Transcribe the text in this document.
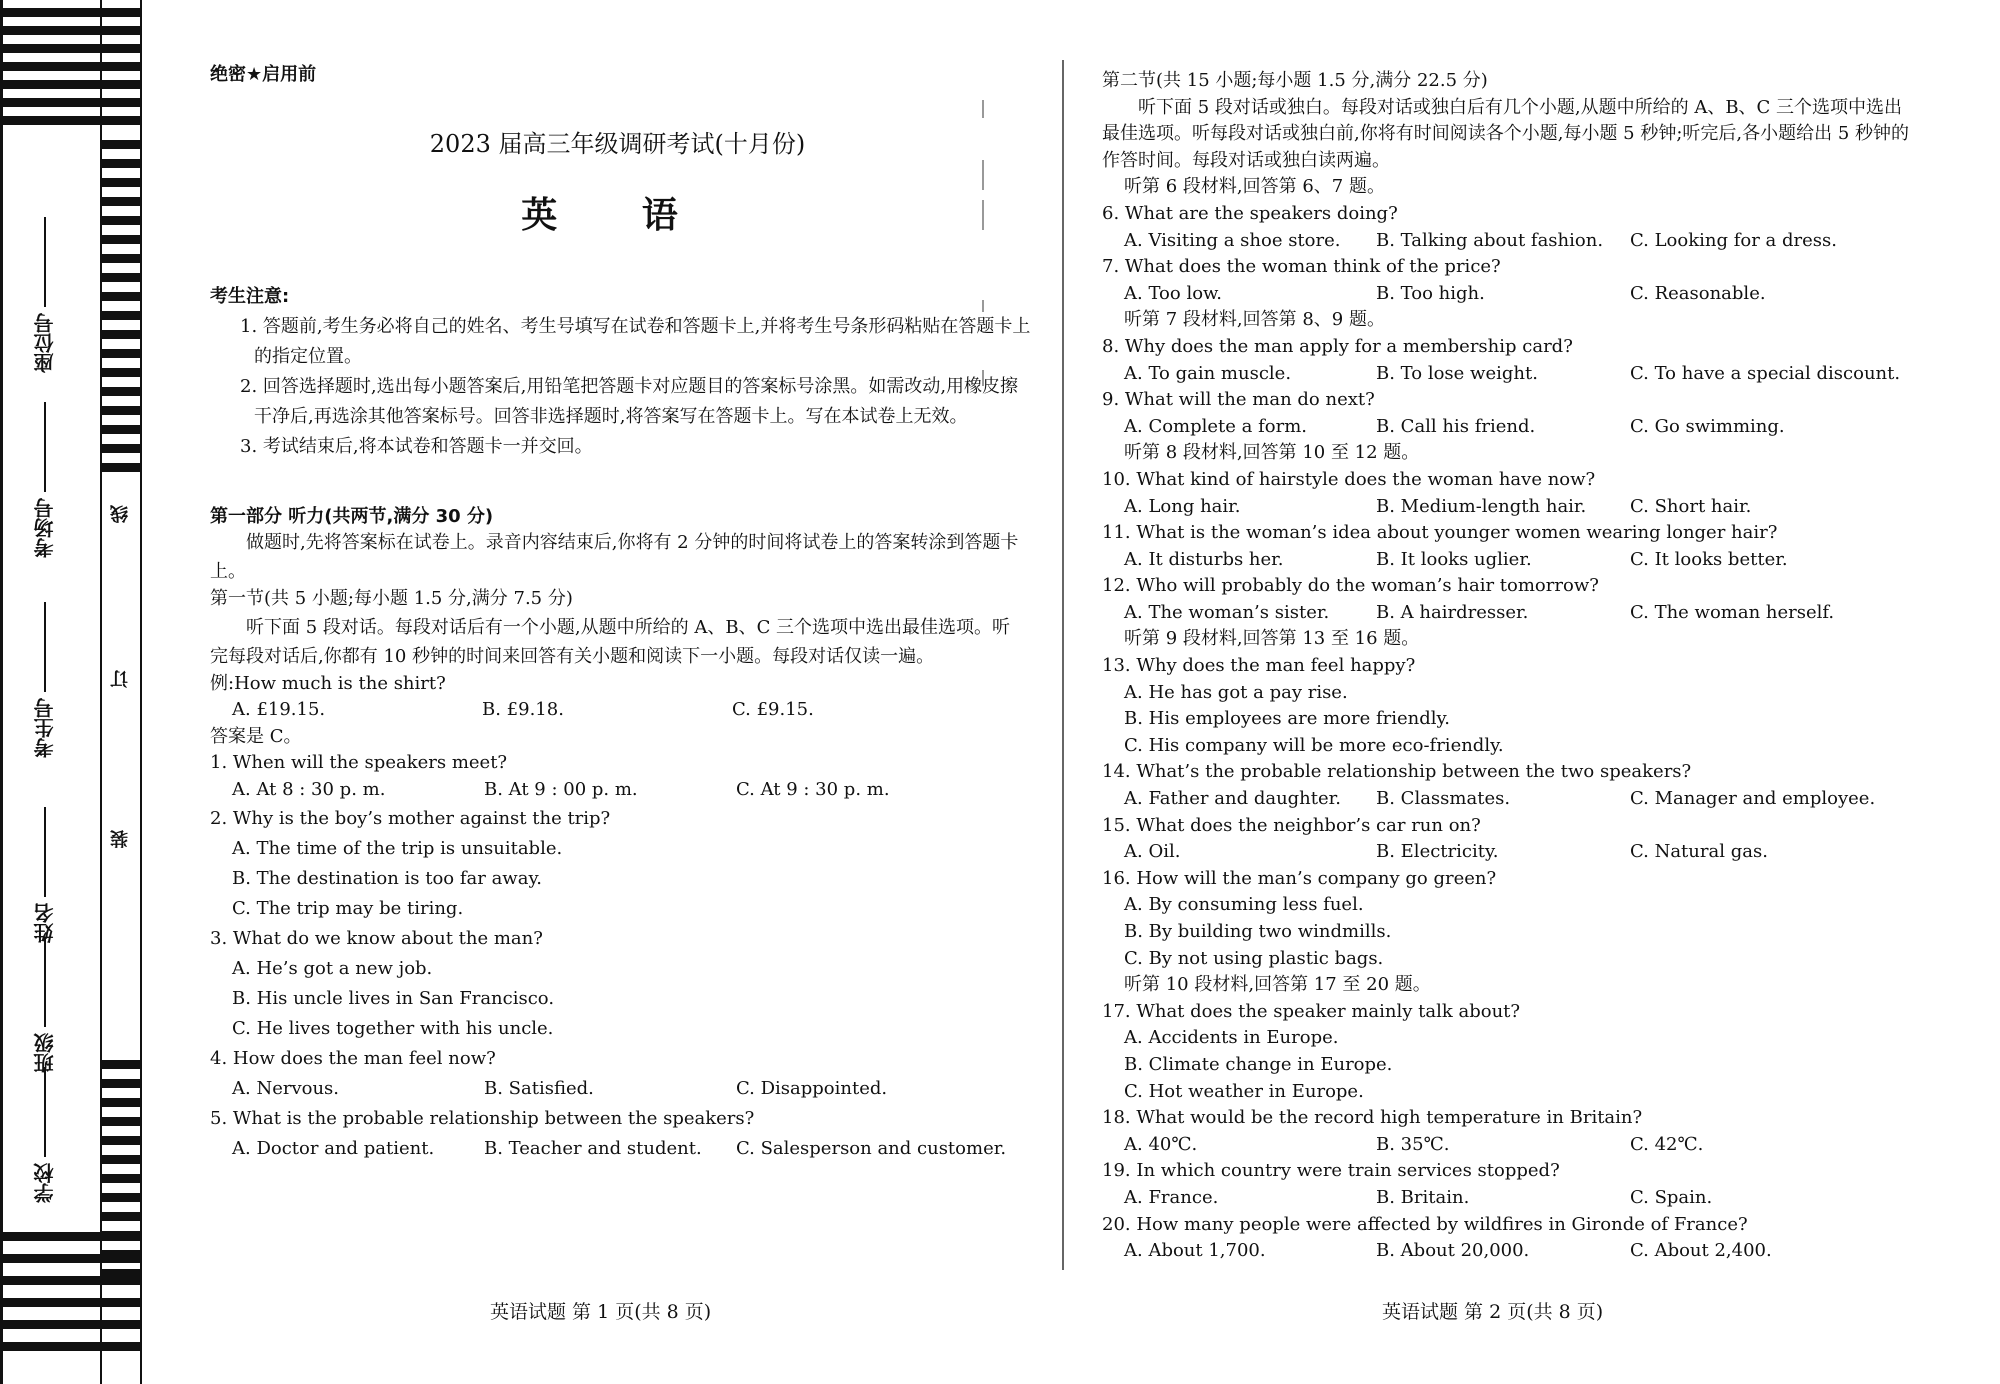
座位号
考场号
考生号
姓名
班级
学校
线
订
装
绝密★启用前
2023 届高三年级调研考试(十月份)
英 语
考生注意:
1. 答题前,考生务必将自己的姓名、考生号填写在试卷和答题卡上,并将考生号条形码粘贴在答题卡上的指定位置。
2. 回答选择题时,选出每小题答案后,用铅笔把答题卡对应题目的答案标号涂黑。如需改动,用橡皮擦干净后,再选涂其他答案标号。回答非选择题时,将答案写在答题卡上。写在本试卷上无效。
3. 考试结束后,将本试卷和答题卡一并交回。
第一部分 听力(共两节,满分 30 分)
做题时,先将答案标在试卷上。录音内容结束后,你将有 2 分钟的时间将试卷上的答案转涂到答题卡上。
第一节(共 5 小题;每小题 1.5 分,满分 7.5 分)
听下面 5 段对话。每段对话后有一个小题,从题中所给的 A、B、C 三个选项中选出最佳选项。听完每段对话后,你都有 10 秒钟的时间来回答有关小题和阅读下一小题。每段对话仅读一遍。
例:How much is the shirt?
A. £19.15.	B. £9.18.	C. £9.15.
答案是 C。
1. When will the speakers meet?
A. At 8 : 30 p. m.	B. At 9 : 00 p. m.	C. At 9 : 30 p. m.
2. Why is the boy’s mother against the trip?
A. The time of the trip is unsuitable.
B. The destination is too far away.
C. The trip may be tiring.
3. What do we know about the man?
A. He’s got a new job.
B. His uncle lives in San Francisco.
C. He lives together with his uncle.
4. How does the man feel now?
A. Nervous.	B. Satisfied.	C. Disappointed.
5. What is the probable relationship between the speakers?
A. Doctor and patient.	B. Teacher and student.	C. Salesperson and customer.
英语试题 第 1 页(共 8 页)
第二节(共 15 小题;每小题 1.5 分,满分 22.5 分)
听下面 5 段对话或独白。每段对话或独白后有几个小题,从题中所给的 A、B、C 三个选项中选出最佳选项。听每段对话或独白前,你将有时间阅读各个小题,每小题 5 秒钟;听完后,各小题给出 5 秒钟的作答时间。每段对话或独白读两遍。
听第 6 段材料,回答第 6、7 题。
6. What are the speakers doing?
A. Visiting a shoe store.	B. Talking about fashion.	C. Looking for a dress.
7. What does the woman think of the price?
A. Too low.	B. Too high.	C. Reasonable.
听第 7 段材料,回答第 8、9 题。
8. Why does the man apply for a membership card?
A. To gain muscle.	B. To lose weight.	C. To have a special discount.
9. What will the man do next?
A. Complete a form.	B. Call his friend.	C. Go swimming.
听第 8 段材料,回答第 10 至 12 题。
10. What kind of hairstyle does the woman have now?
A. Long hair.	B. Medium-length hair.	C. Short hair.
11. What is the woman’s idea about younger women wearing longer hair?
A. It disturbs her.	B. It looks uglier.	C. It looks better.
12. Who will probably do the woman’s hair tomorrow?
A. The woman’s sister.	B. A hairdresser.	C. The woman herself.
听第 9 段材料,回答第 13 至 16 题。
13. Why does the man feel happy?
A. He has got a pay rise.
B. His employees are more friendly.
C. His company will be more eco-friendly.
14. What’s the probable relationship between the two speakers?
A. Father and daughter.	B. Classmates.	C. Manager and employee.
15. What does the neighbor’s car run on?
A. Oil.	B. Electricity.	C. Natural gas.
16. How will the man’s company go green?
A. By consuming less fuel.
B. By building two windmills.
C. By not using plastic bags.
听第 10 段材料,回答第 17 至 20 题。
17. What does the speaker mainly talk about?
A. Accidents in Europe.
B. Climate change in Europe.
C. Hot weather in Europe.
18. What would be the record high temperature in Britain?
A. 40℃.	B. 35℃.	C. 42℃.
19. In which country were train services stopped?
A. France.	B. Britain.	C. Spain.
20. How many people were affected by wildfires in Gironde of France?
A. About 1,700.	B. About 20,000.	C. About 2,400.
英语试题 第 2 页(共 8 页)
